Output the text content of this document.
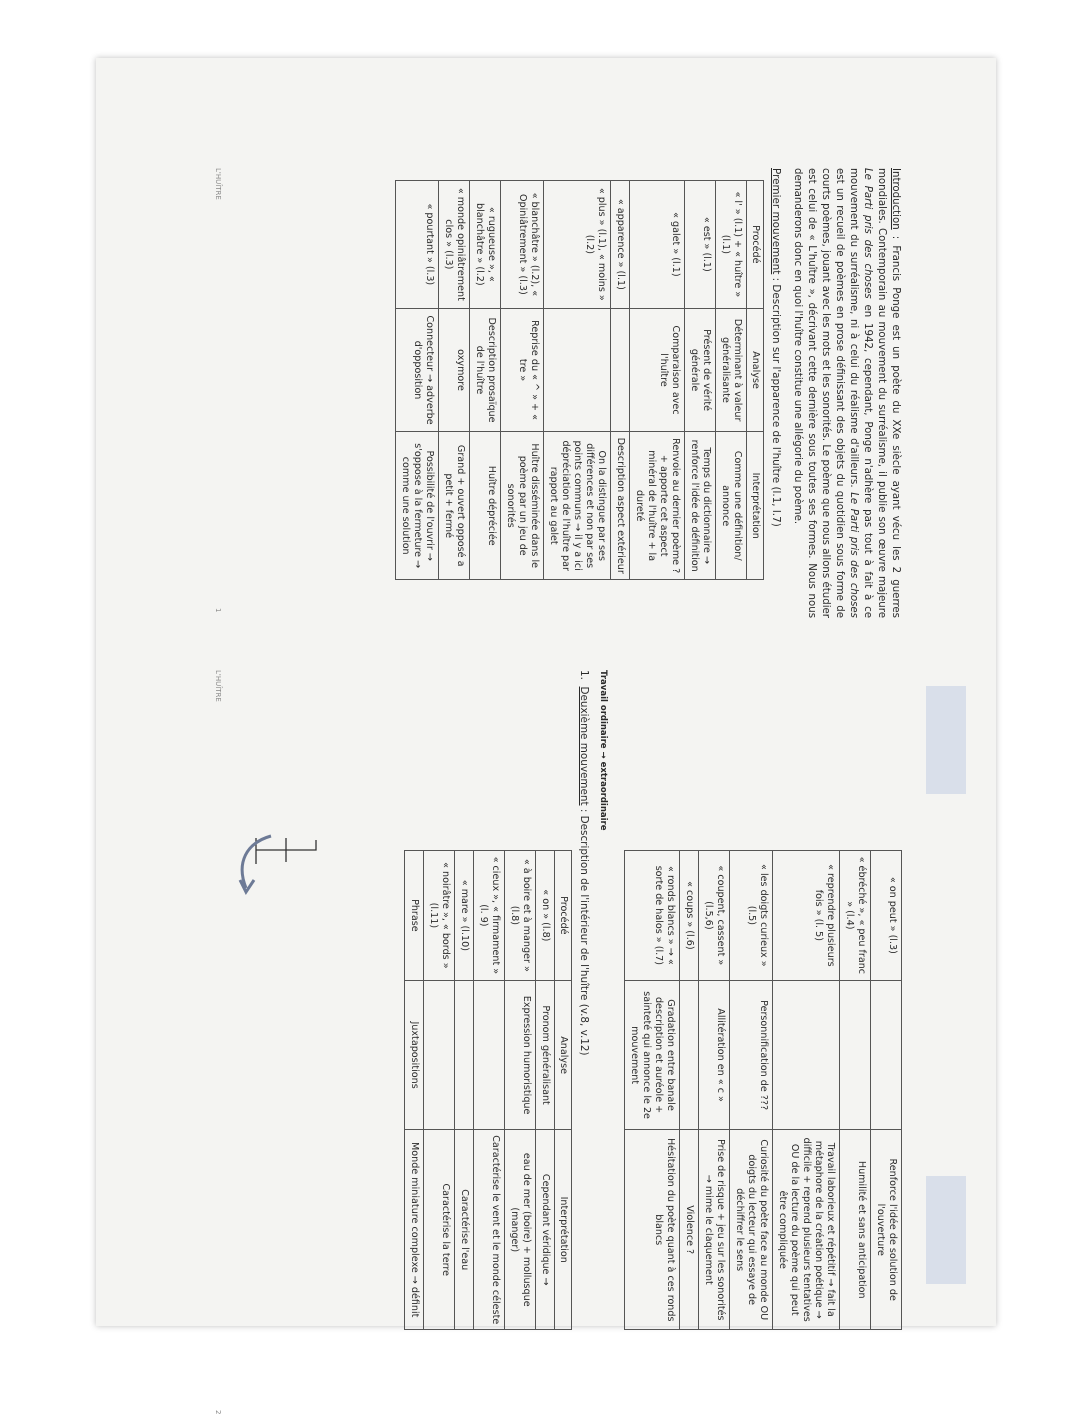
Introduction : Francis Ponge est un poète du XXe siècle ayant vécu les 2 guerres mondiales. Contemporain au mouvement du surréalisme, il publie son œuvre majeure Le Parti pris des choses en 1942, cependant, Ponge n'adhère pas tout à fait à ce mouvement du surréalisme, ni à celui du réalisme d'ailleurs. Le Parti pris des choses est un recueil de poèmes en prose définissant des objets du quotidien sous forme de courts poèmes, jouant avec les mots et les sonorités. Le poème que nous allons étudier est celui de « L'huître », décrivant cette dernière sous toutes ses formes. Nous nous demanderons donc en quoi l'huître constitue une allégorie du poème.

Premier mouvement : Description sur l'apparence de l'huître (l.1, l.7)
Procédé	Analyse	Interprétation
« l' » (l.1) + « huître » (l.1)	Déterminant à valeur généralisante	Comme une définition/ annonce
« est » (l.1)	Présent de vérité générale	Temps du dictionnaire → renforce l'idée de définition
« galet » (l.1)	Comparaison avec l'huître	Renvoie au dernier poème ? + apporte cet aspect minéral de l'huître + la dureté
« apparence » (l.1)		Description aspect extérieur
« plus » (l.1), « moins » (l.2)		On la distingue par ses différences et non par ses points communs → il y a ici dépréciation de l'huître par rapport au galet
« blanchâtre » (l.2), « Opiniâtrement » (l.3)	Reprise du « ^ » + « tre »	Huître disséminée dans le poème par un jeu de sonorités
« rugueuse », « blanchâtre » (l.2)	Description prosaïque de l'huître	Huître dépréciée
« monde opiniâtrement clos » (l.3)	oxymore	Grand + ouvert opposé a petit + fermé
« pourtant » (l.3)	Connecteur → adverbe d'opposition	Possibilité de l'ouvrir → s'oppose à la fermeture → comme une solution
L'HUÎTRE
1
« on peut » (l.3)		Renforce l'idée de solution de l'ouverture
« ébréché », « peu franc » (l.4)		Humilité et sans anticipation
« reprendre plusieurs fois » (l. 5)		Travail laborieux et répétitif → fait la métaphore de la création poétique → difficile + reprend plusieurs tentatives OU de la lecture du poème qui peut être compliquée
« les doigts curieux » (l.5)	Personnification de ???	Curiosité du poète face au monde OU doigts du lecteur qui essaye de déchiffrer le sens
« coupent, cassent » (l.5,6)	Allitération en « c »	Prise de risque + jeu sur les sonorités → mime le claquement
« coups » (l.6)		Violence ?
« ronds blancs » → « sorte de halos » (l.7)	Gradation entre banale description et auréole + sainteté qui annonce le 2e mouvement	Hésitation du poète quant à ces ronds blancs
Travail ordinaire → extraordinaire
1.  Deuxième mouvement : Description de l'intérieur de l'huître (v.8, v.12)
Procédé	Analyse	Interprétation
« on » (l.8)	Pronom généralisant	Cependant véridique →
« à boire et à manger » (l.8)	Expression humoristique	eau de mer (boire) + mollusque (manger)
« cieux », « firmament » (l. 9)		Caractérise le vent et le monde céleste
« mare » (l.10)		Caractérise l'eau
« noirâtre », « bords » (l.11)		Caractérise la terre
Phrase	Juxtapositions	Monde miniature complexe → définit
L'HUÎTRE
2
